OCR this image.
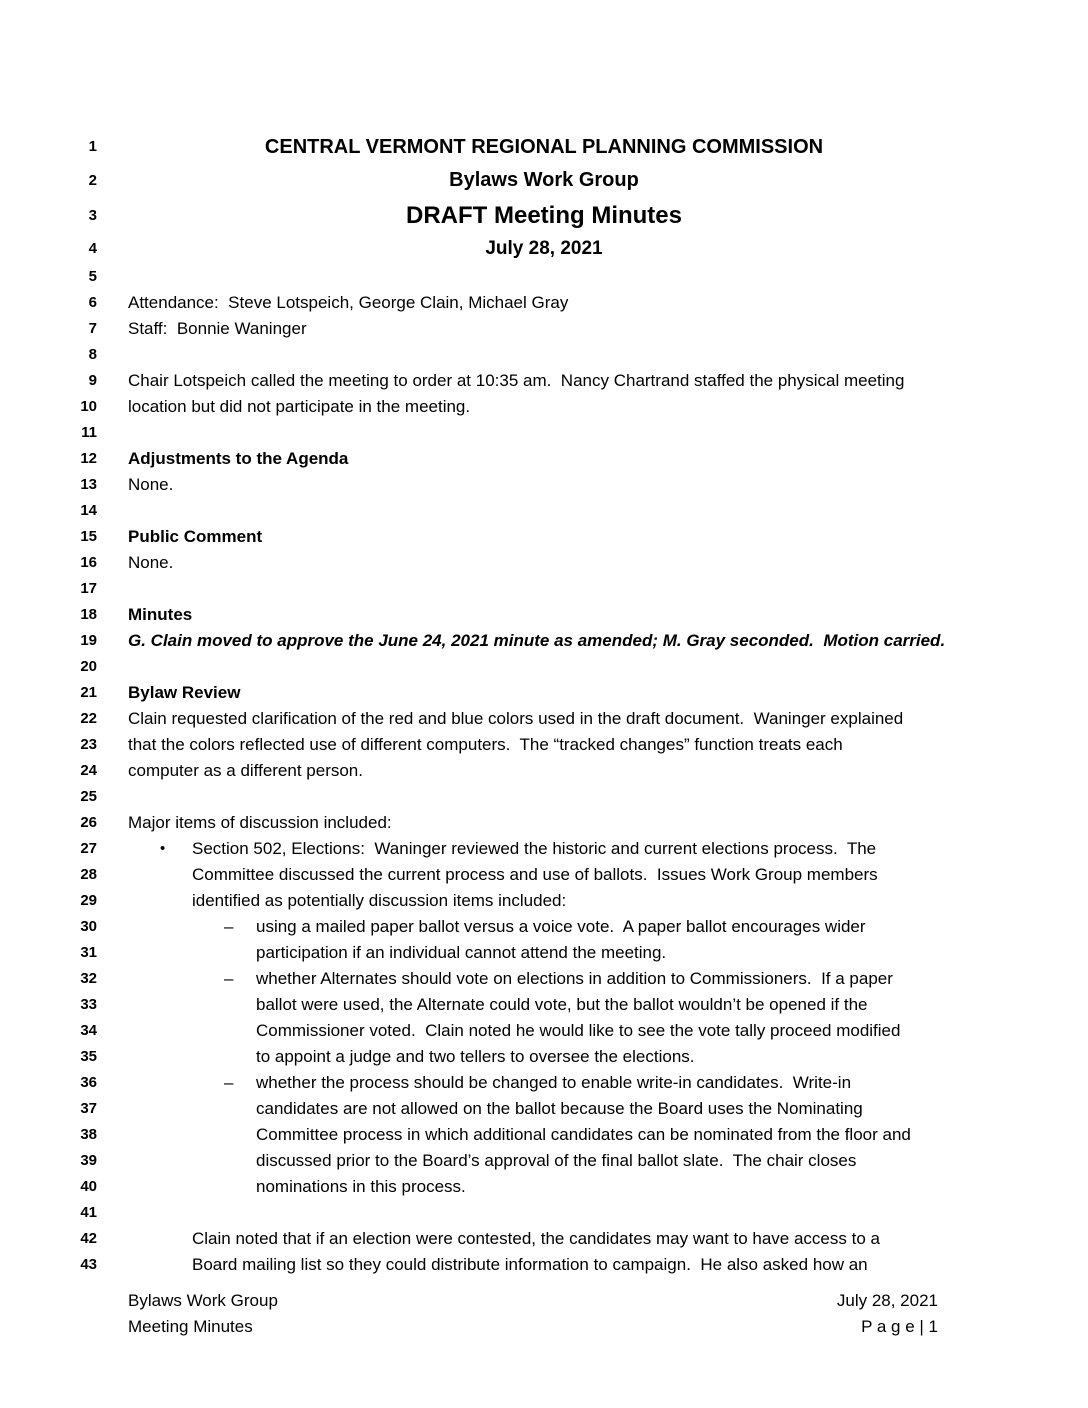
1	CENTRAL VERMONT REGIONAL PLANNING COMMISSION
2	Bylaws Work Group
3	DRAFT Meeting Minutes
4	July 28, 2021
5
6 Attendance:  Steve Lotspeich, George Clain, Michael Gray
7 Staff:  Bonnie Waninger
8
9 Chair Lotspeich called the meeting to order at 10:35 am.  Nancy Chartrand staffed the physical meeting
10 location but did not participate in the meeting.
11
12 Adjustments to the Agenda
13 None.
14
15 Public Comment
16 None.
17
18 Minutes
19 G. Clain moved to approve the June 24, 2021 minute as amended; M. Gray seconded.  Motion carried.
20
21 Bylaw Review
22 Clain requested clarification of the red and blue colors used in the draft document.  Waninger explained
23 that the colors reflected use of different computers.  The “tracked changes” function treats each
24 computer as a different person.
25
26 Major items of discussion included:
27	• Section 502, Elections:  Waninger reviewed the historic and current elections process.  The
28	Committee discussed the current process and use of ballots.  Issues Work Group members
29	identified as potentially discussion items included:
30	– using a mailed paper ballot versus a voice vote.  A paper ballot encourages wider
31	participation if an individual cannot attend the meeting.
32	– whether Alternates should vote on elections in addition to Commissioners.  If a paper
33	ballot were used, the Alternate could vote, but the ballot wouldn’t be opened if the
34	Commissioner voted.  Clain noted he would like to see the vote tally proceed modified
35	to appoint a judge and two tellers to oversee the elections.
36	– whether the process should be changed to enable write-in candidates.  Write-in
37	candidates are not allowed on the ballot because the Board uses the Nominating
38	Committee process in which additional candidates can be nominated from the floor and
39	discussed prior to the Board’s approval of the final ballot slate.  The chair closes
40	nominations in this process.
41
42	Clain noted that if an election were contested, the candidates may want to have access to a
43	Board mailing list so they could distribute information to campaign.  He also asked how an
Bylaws Work Group
Meeting Minutes
July 28, 2021
P a g e | 1
